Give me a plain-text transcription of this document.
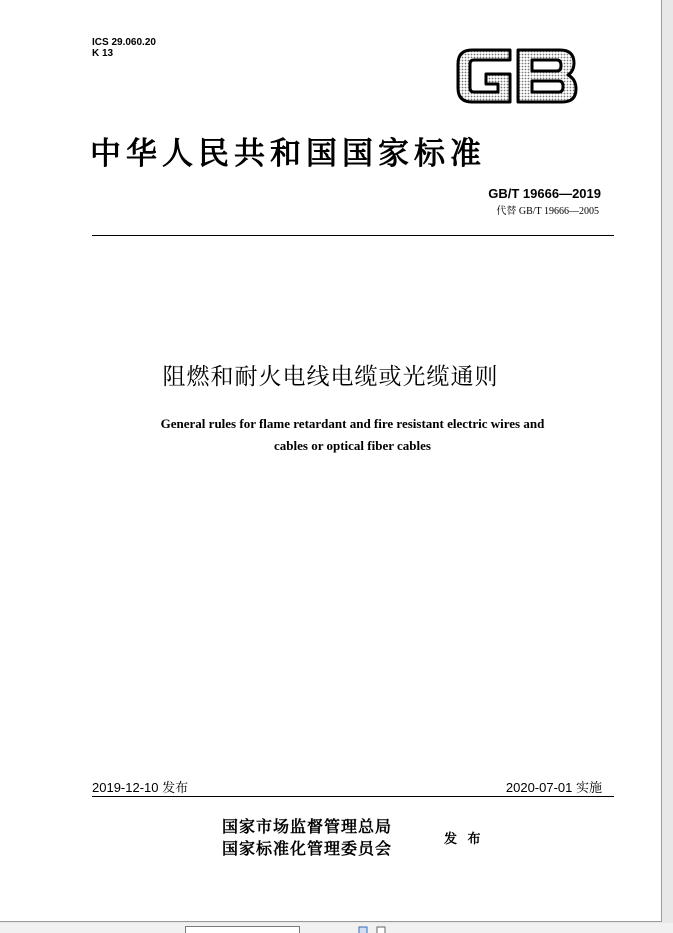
ICS 29.060.20
K 13
中华人民共和国国家标准
GB/T 19666—2019
代替 GB/T 19666—2005
阻燃和耐火电线电缆或光缆通则
General rules for flame retardant and fire resistant electric wires and
cables or optical fiber cables
2019-12-10 发布	2020-07-01 实施
国家市场监督管理总局
国家标准化管理委员会	发 布
